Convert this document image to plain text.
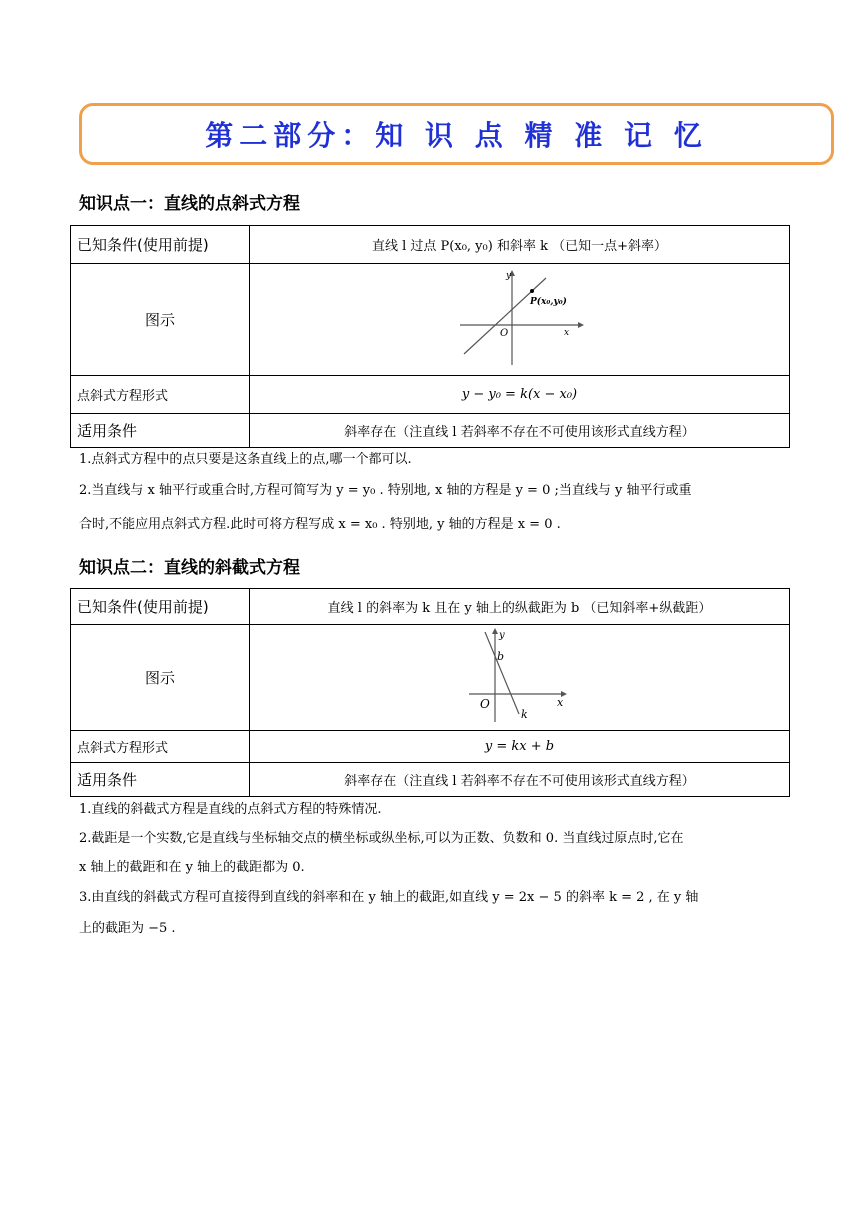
第二部分：知 识 点 精 准 记 忆
知识点一：直线的点斜式方程
已知条件(使用前提)	直线 l 过点 P(x₀, y₀) 和斜率 k （已知一点+斜率）
图示	y
x
O
P(x₀,y₀)

点斜式方程形式	y − y₀ = k(x − x₀)
适用条件	斜率存在（注直线 l 若斜率不存在不可使用该形式直线方程）
1.点斜式方程中的点只要是这条直线上的点,哪一个都可以.
2.当直线与 x 轴平行或重合时,方程可简写为 y = y₀ . 特别地, x 轴的方程是 y = 0 ;当直线与 y 轴平行或重
合时,不能应用点斜式方程.此时可将方程写成 x = x₀ . 特别地, y 轴的方程是 x = 0 .
知识点二：直线的斜截式方程
已知条件(使用前提)	直线 l 的斜率为 k 且在 y 轴上的纵截距为 b （已知斜率+纵截距）
图示	y
x
O
b
k

点斜式方程形式	y = kx + b
适用条件	斜率存在（注直线 l 若斜率不存在不可使用该形式直线方程）
1.直线的斜截式方程是直线的点斜式方程的特殊情况.
2.截距是一个实数,它是直线与坐标轴交点的横坐标或纵坐标,可以为正数、负数和 0. 当直线过原点时,它在
x 轴上的截距和在 y 轴上的截距都为 0.
3.由直线的斜截式方程可直接得到直线的斜率和在 y 轴上的截距,如直线 y = 2x − 5 的斜率 k = 2 , 在 y 轴
上的截距为 −5 .
